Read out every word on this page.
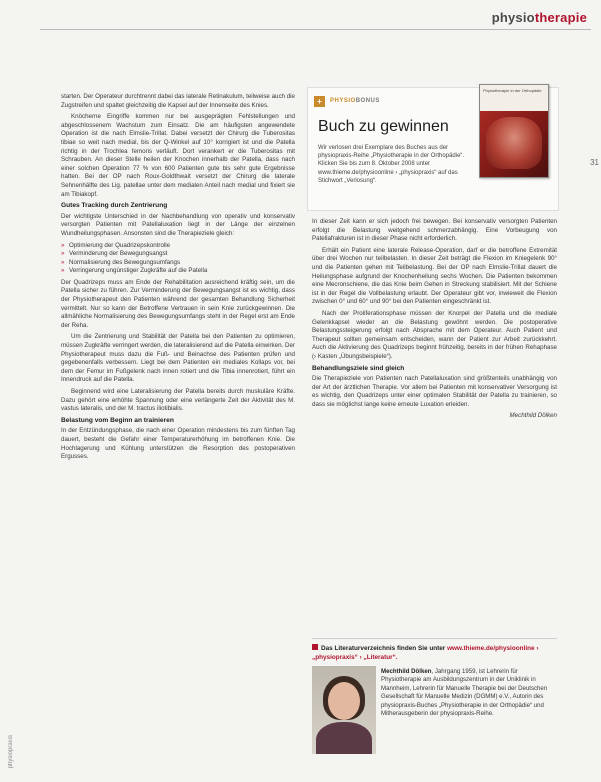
physiotherapie
31
physiopraxis

starten. Der Operateur durchtrennt dabei das laterale Retinakulum, teilweise auch die Zugstreifen und spaltet gleichzeitig die Kapsel auf der Innenseite des Knies.

Knöcherne Eingriffe kommen nur bei ausgeprägten Fehlstellungen und abgeschlossenem Wachstum zum Einsatz. Die am häufigsten angewendete Operation ist die nach Elmslie-Trillat. Dabei versetzt der Chirurg die Tuberositas tibiae so weit nach medial, bis der Q-Winkel auf 10° korrigiert ist und die Patella richtig in der Trochlea femoris verläuft. Dort verankert er die Tuberositas mit Schrauben. An dieser Stelle heilen der Knochen innerhalb der Patella, dass nach einer solchen Operation 77 % von 600 Patienten gute bis sehr gute Ergebnisse hatten. Bei der OP nach Roux-Goldthwait versetzt der Chirurg die laterale Sehnenhälfte des Lig. patellae unter dem medialen Anteil nach medial und fixiert sie am Tibiakopf.

Gutes Tracking durch Zentrierung

Der wichtigste Unterschied in der Nachbehandlung von operativ und konservativ versorgten Patienten mit Patellaluxation liegt in der Länge der einzelnen Wundheilungsphasen. Ansonsten sind die Therapieziele gleich:

» Optimierung der Quadrizepskontrolle
» Verminderung der Bewegungsangst
» Normalisierung des Bewegungsumfangs
» Verringerung ungünstiger Zugkräfte auf die Patella

Der Quadrizeps muss am Ende der Rehabilitation ausreichend kräftig sein, um die Patella sicher zu führen. Zur Verminderung der Bewegungsangst ist es wichtig, dass der Physiotherapeut den Patienten während der gesamten Behandlung Sicherheit vermittelt. Nur so kann der Betroffene Vertrauen in sein Knie zurückgewinnen. Die allmähliche Normalisierung des Bewegungsumfangs steht in der Regel erst am Ende der Reha.

Um die Zentrierung und Stabilität der Patella bei den Patienten zu optimieren, müssen Zugkräfte verringert werden, die lateralisierend auf die Patella einwirken. Der Physiotherapeut muss dazu die Fuß- und Beinachse des Patienten prüfen und gegebenenfalls verbessern. Liegt bei dem Patienten ein mediales Kollaps vor, bei dem der Femur im Fußgelenk nach innen rotiert und die Tibia innenrotiert, führt ein Innendruck auf die Patella.

Beginnend wird eine Lateralisierung der Patella bereits durch muskuläre Kräfte. Dazu gehört eine erhöhte Spannung oder eine verlängerte Zeit der Aktivität des M. vastus lateralis, und der M. tractus iliotibialis.

Belastung vom Beginn an trainieren

In der Entzündungsphase, die nach einer Operation mindestens bis zum fünften Tag dauert, besteht die Gefahr einer Temperaturerhöhung im betroffenen Knie. Die Hochlagerung und Kühlung unterstützen die Resorption des postoperativen Ergusses.

+	PHYSIOBONUS
Buch zu gewinnen
Wir verlosen drei Exemplare des Buches aus der physiopraxis-Reihe „Physiotherapie in der Orthopädie“. Klicken Sie bis zum 8. Oktober 2008 unter www.thieme.de/physioonline › „physiopraxis“ auf das Stichwort „Verlosung“.
Physiotherapie in der Orthopädie

In dieser Zeit kann er sich jedoch frei bewegen. Bei konservativ versorgten Patienten erfolgt die Belastung weitgehend schmerzabhängig. Eine Vorbeugung von Patellafrakturen ist in dieser Phase nicht erforderlich.

Erhält ein Patient eine laterale Release-Operation, darf er die betroffene Extremität über drei Wochen nur teilbelasten. In dieser Zeit beträgt die Flexion im Kniegelenk 90° und die Patienten gehen mit Teilbelastung. Bei der OP nach Elmslie-Trillat dauert die Heilungsphase aufgrund der Knochenheilung sechs Wochen. Die Patienten bekommen eine Mecronschiene, die das Knie beim Gehen in Streckung stabilisiert. Mit der Schiene ist in der Regel die Vollbelastung erlaubt. Der Operateur gibt vor, inwieweit die Flexion zwischen 0° und 60° und 90° bei den Patienten eingeschränkt ist.

Nach der Proliferationsphase müssen der Knorpel der Patella und die mediale Gelenkkapsel wieder an die Belastung gewöhnt werden. Die postoperative Belastungssteigerung erfolgt nach Absprache mit dem Operateur. Auch Patient und Therapeut sollten gemeinsam entscheiden, wann der Patient zur Arbeit zurückkehrt. Auch die Aktivierung des Quadrizeps beginnt frühzeitig, bereits in der frühen Rehaphase (› Kasten „Übungsbeispiele“).

Behandlungsziele sind gleich

Die Therapieziele von Patienten nach Patellaluxation sind größtenteils unabhängig von der Art der ärztlichen Therapie. Vor allem bei Patienten mit konservativer Versorgung ist es wichtig, den Quadrizeps unter einer optimalen Stabilität der Patella zu trainieren, so dass sie möglichst lange keine erneute Luxation erleiden.

Mechthild Dölken

Das Literaturverzeichnis finden Sie unter www.thieme.de/physioonline › „physiopraxis“ › „Literatur“.
Mechthild Dölken, Jahrgang 1959, ist Lehrerin für Physiotherapie am Ausbildungszentrum in der Uniklinik in Mannheim, Lehrerin für Manuelle Therapie bei der Deutschen Gesellschaft für Manuelle Medizin (DGMM) e.V., Autorin des physiopraxis-Buches „Physiotherapie in der Orthopädie“ und Mitherausgeberin der physiopraxis-Reihe.
